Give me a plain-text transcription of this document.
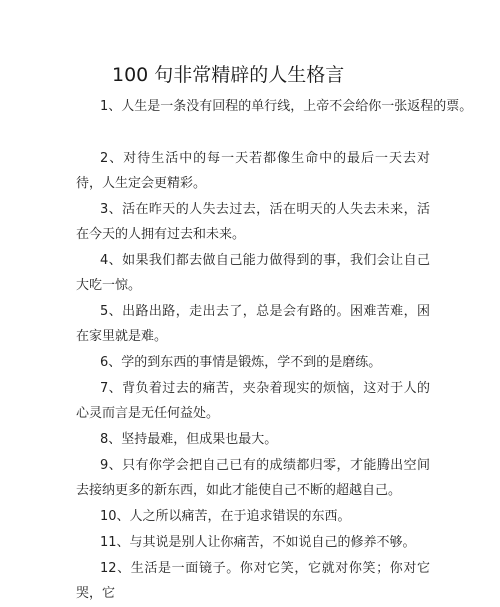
100 句非常精辟的人生格言

1、人生是一条没有回程的单行线，上帝不会给你一张返程的票。

2、对待生活中的每一天若都像生命中的最后一天去对待，人生定会更精彩。

3、活在昨天的人失去过去，活在明天的人失去未来，活在今天的人拥有过去和未来。

4、如果我们都去做自己能力做得到的事，我们会让自己大吃一惊。

5、出路出路，走出去了，总是会有路的。困难苦难，困在家里就是难。

6、学的到东西的事情是锻炼，学不到的是磨练。

7、背负着过去的痛苦，夹杂着现实的烦恼，这对于人的心灵而言是无任何益处。

8、坚持最难，但成果也最大。

9、只有你学会把自己已有的成绩都归零，才能腾出空间去接纳更多的新东西，如此才能使自己不断的超越自己。

10、人之所以痛苦，在于追求错误的东西。

11、与其说是别人让你痛苦，不如说自己的修养不够。

12、生活是一面镜子。你对它笑，它就对你笑；你对它哭，它
